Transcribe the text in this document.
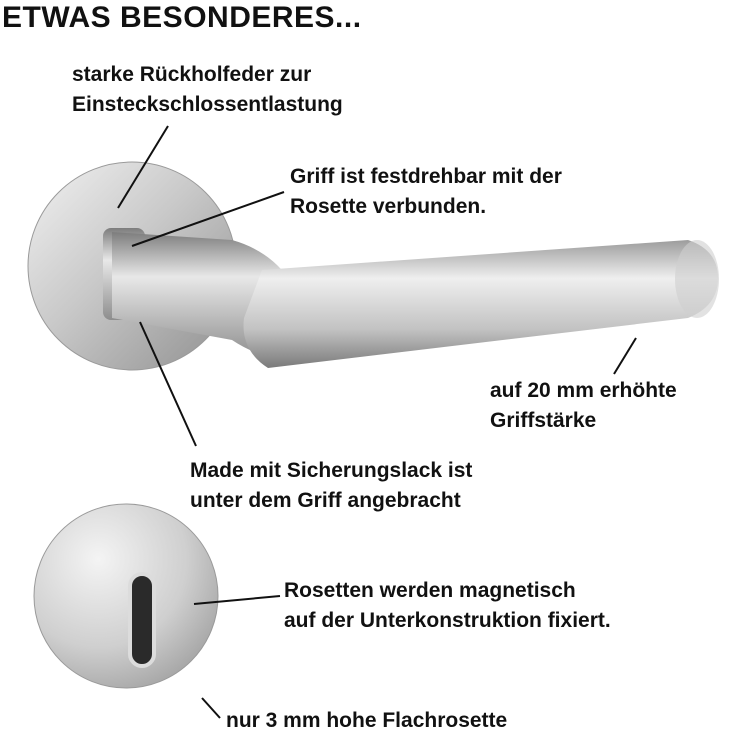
ETWAS BESONDERES...
starke Rückholfeder zur
Einsteckschlossentlastung
Griff ist festdrehbar mit der
Rosette verbunden.
auf 20 mm erhöhte
Griffstärke
Made mit Sicherungslack ist
unter dem Griff angebracht
Rosetten werden magnetisch
auf der Unterkonstruktion fixiert.
nur 3 mm hohe Flachrosette
